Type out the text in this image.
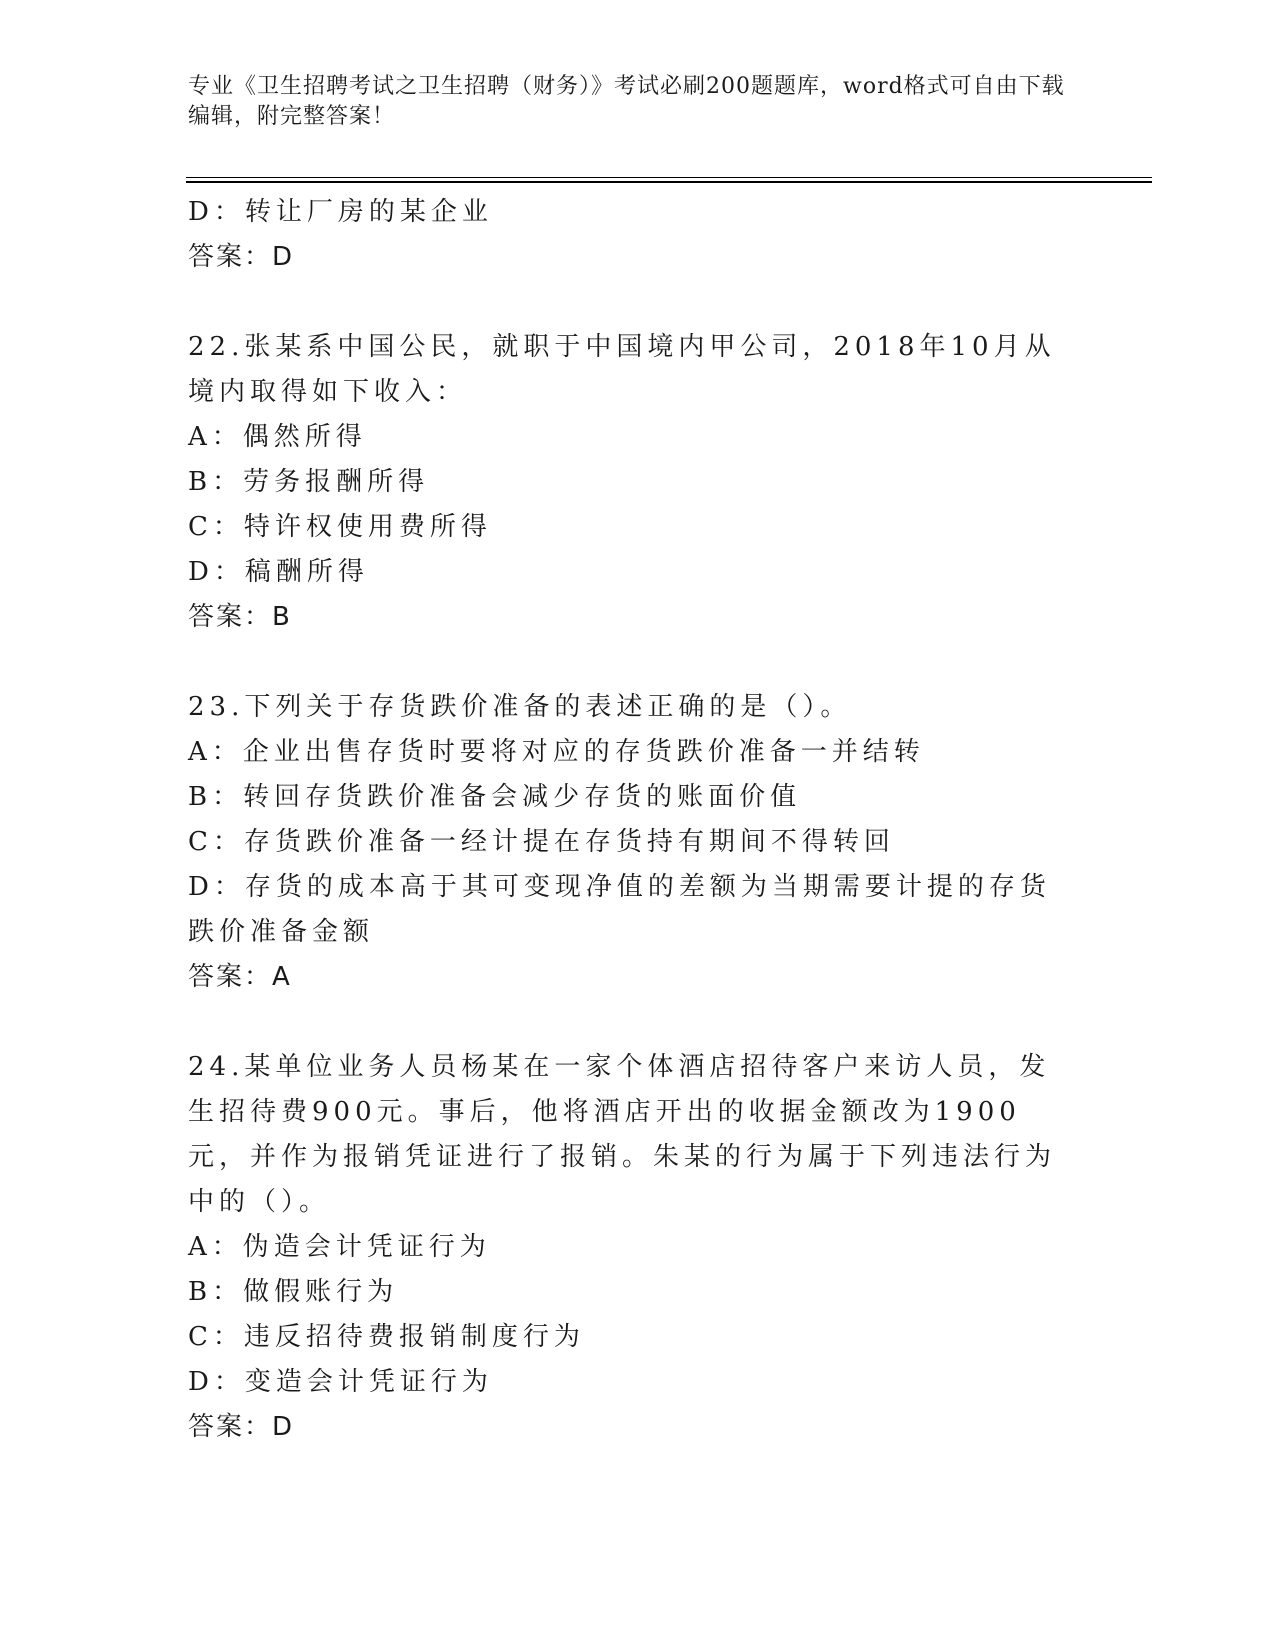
专业《卫生招聘考试之卫生招聘（财务）》考试必刷200题题库，word格式可自由下载编辑，附完整答案！
D：转让厂房的某企业
答案：D
22.张某系中国公民，就职于中国境内甲公司，2018年10月从境内取得如下收入：
A：偶然所得
B：劳务报酬所得
C：特许权使用费所得
D：稿酬所得
答案：B
23.下列关于存货跌价准备的表述正确的是（）。
A：企业出售存货时要将对应的存货跌价准备一并结转
B：转回存货跌价准备会减少存货的账面价值
C：存货跌价准备一经计提在存货持有期间不得转回
D：存货的成本高于其可变现净值的差额为当期需要计提的存货跌价准备金额
答案：A
24.某单位业务人员杨某在一家个体酒店招待客户来访人员，发生招待费900元。事后，他将酒店开出的收据金额改为1900元，并作为报销凭证进行了报销。朱某的行为属于下列违法行为中的（）。
A：伪造会计凭证行为
B：做假账行为
C：违反招待费报销制度行为
D：变造会计凭证行为
答案：D
